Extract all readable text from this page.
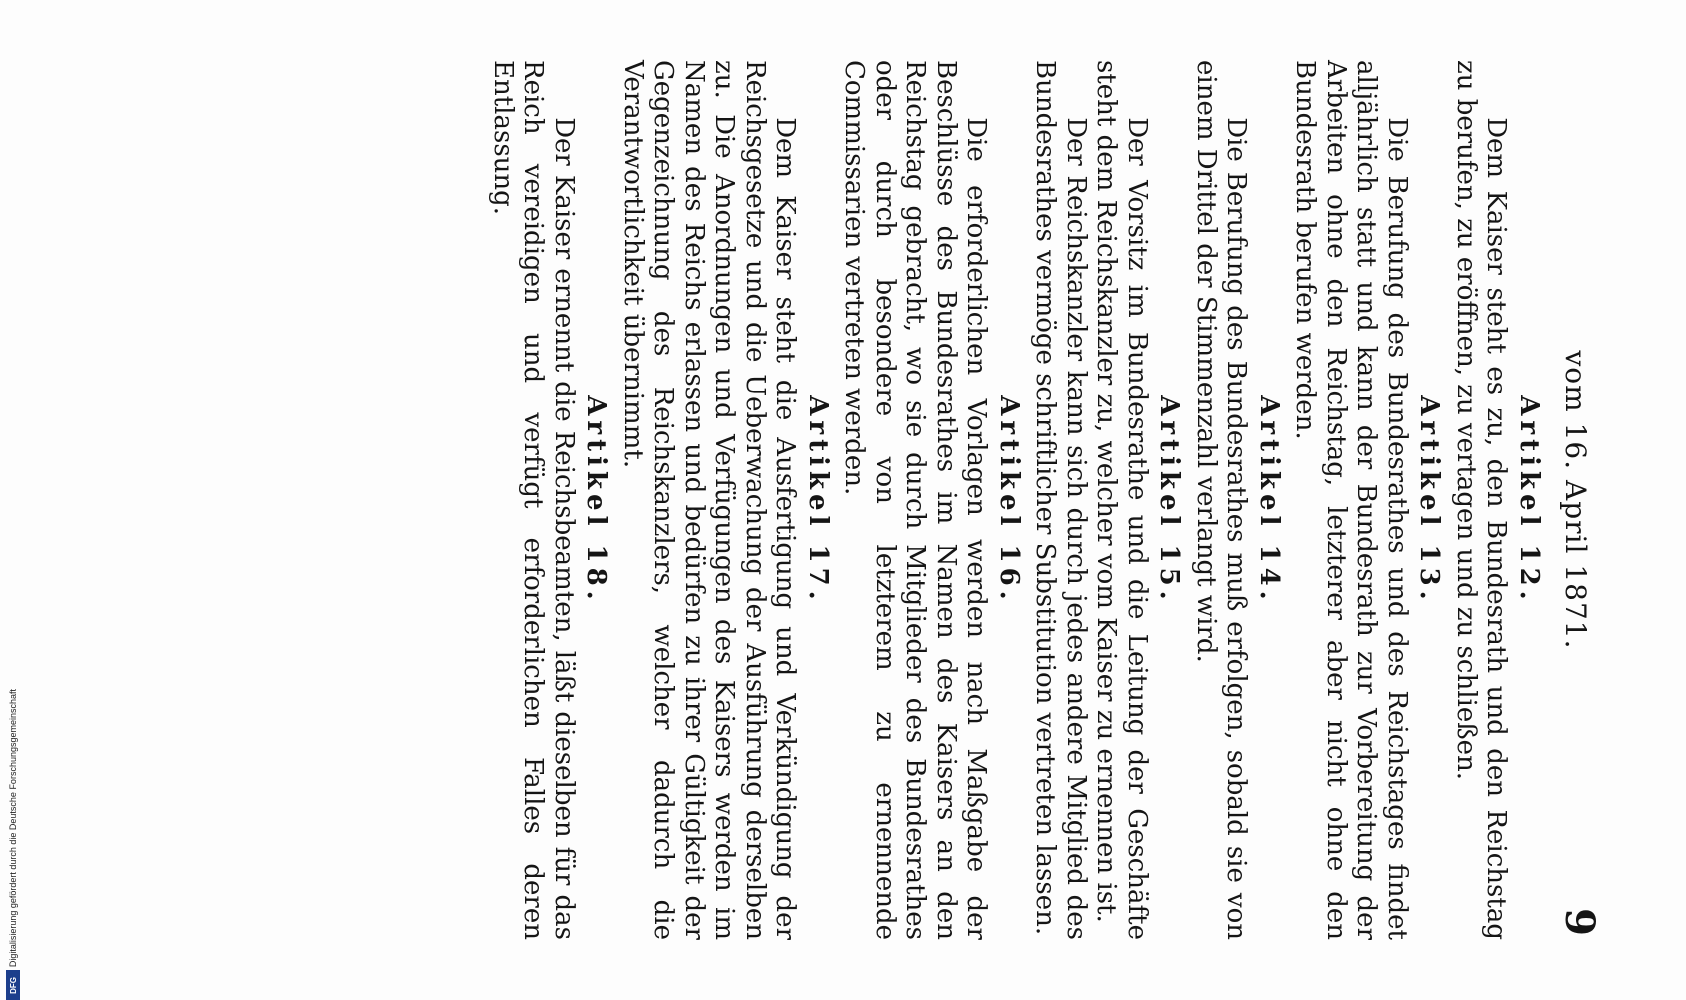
vom 16. April 1871.
9
Artikel 12.

Dem Kaiser steht es zu, den Bundesrath und den Reichstag zu berufen, zu eröffnen, zu vertagen und zu schließen.

Artikel 13.

Die Berufung des Bundesrathes und des Reichstages findet alljährlich statt und kann der Bundesrath zur Vorbereitung der Arbeiten ohne den Reichstag, letzterer aber nicht ohne den Bundesrath berufen werden.

Artikel 14.

Die Berufung des Bundesrathes muß erfolgen, sobald sie von einem Drittel der Stimmenzahl verlangt wird.

Artikel 15.

Der Vorsitz im Bundesrathe und die Leitung der Geschäfte steht dem Reichskanzler zu, welcher vom Kaiser zu ernennen ist.

Der Reichskanzler kann sich durch jedes andere Mitglied des Bundesrathes vermöge schriftlicher Substitution vertreten lassen.

Artikel 16.

Die erforderlichen Vorlagen werden nach Maßgabe der Beschlüsse des Bundesrathes im Namen des Kaisers an den Reichstag gebracht, wo sie durch Mitglieder des Bundesrathes oder durch besondere von letzterem zu ernennende Commissarien vertreten werden.

Artikel 17.

Dem Kaiser steht die Ausfertigung und Verkündigung der Reichsgesetze und die Ueberwachung der Ausführung derselben zu. Die Anordnungen und Verfügungen des Kaisers werden im Namen des Reichs erlassen und bedürfen zu ihrer Gültigkeit der Gegenzeichnung des Reichskanzlers, welcher dadurch die Verantwortlichkeit übernimmt.

Artikel 18.

Der Kaiser ernennt die Reichsbeamten, läßt dieselben für das Reich vereidigen und verfügt erforderlichen Falles deren Entlassung.

Digitalisierung gefördert durch die Deutsche Forschungsgemeinschaft
DFG
